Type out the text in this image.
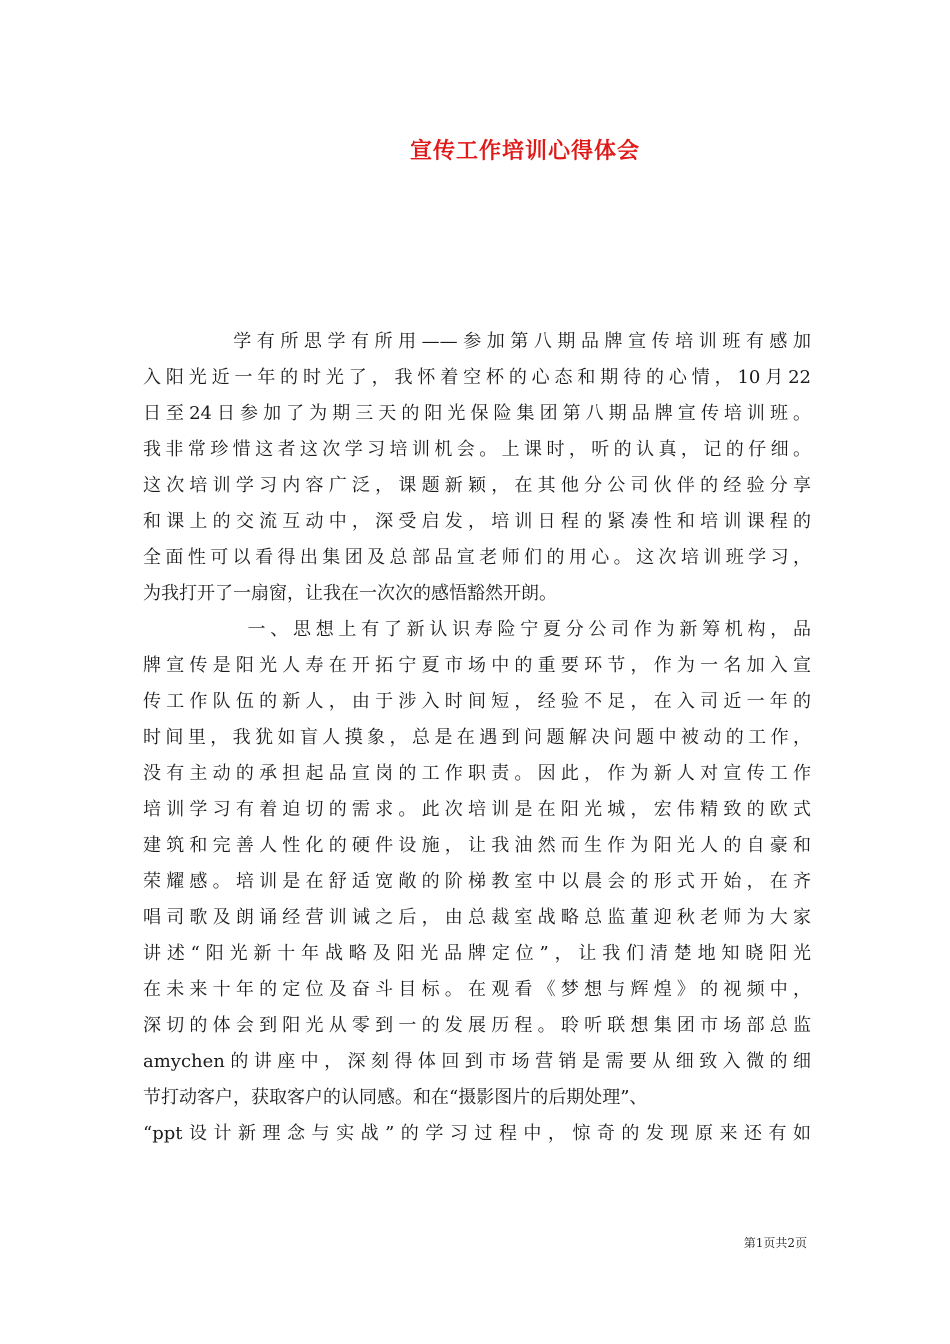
宣传工作培训心得体会
学有所思学有所用——参加第八期品牌宣传培训班有感加
入阳光近一年的时光了，我怀着空杯的心态和期待的心情，10月22
日至24日参加了为期三天的阳光保险集团第八期品牌宣传培训班。
我非常珍惜这者这次学习培训机会。上课时，听的认真，记的仔细。
这次培训学习内容广泛，课题新颖，在其他分公司伙伴的经验分享
和课上的交流互动中，深受启发，培训日程的紧凑性和培训课程的
全面性可以看得出集团及总部品宣老师们的用心。这次培训班学习，
为我打开了一扇窗，让我在一次次的感悟豁然开朗。
一、思想上有了新认识寿险宁夏分公司作为新筹机构，品
牌宣传是阳光人寿在开拓宁夏市场中的重要环节，作为一名加入宣
传工作队伍的新人，由于涉入时间短，经验不足，在入司近一年的
时间里，我犹如盲人摸象，总是在遇到问题解决问题中被动的工作，
没有主动的承担起品宣岗的工作职责。因此，作为新人对宣传工作
培训学习有着迫切的需求。此次培训是在阳光城，宏伟精致的欧式
建筑和完善人性化的硬件设施，让我油然而生作为阳光人的自豪和
荣耀感。培训是在舒适宽敞的阶梯教室中以晨会的形式开始，在齐
唱司歌及朗诵经营训诫之后，由总裁室战略总监董迎秋老师为大家
讲述“阳光新十年战略及阳光品牌定位”，让我们清楚地知晓阳光
在未来十年的定位及奋斗目标。在观看《梦想与辉煌》的视频中，
深切的体会到阳光从零到一的发展历程。聆听联想集团市场部总监
amychen的讲座中，深刻得体回到市场营销是需要从细致入微的细
节打动客户，获取客户的认同感。和在“摄影图片的后期处理”、
“ppt设计新理念与实战”的学习过程中，惊奇的发现原来还有如
第1页共2页
